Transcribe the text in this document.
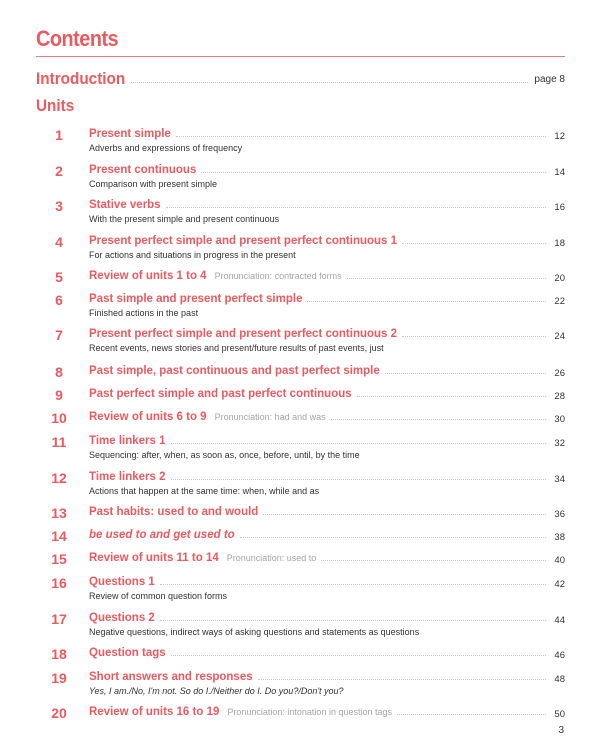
Contents
Introduction	page 8
Units
1	Present simple	12
Adverbs and expressions of frequency
2	Present continuous	14
Comparison with present simple
3	Stative verbs	16
With the present simple and present continuous
4	Present perfect simple and present perfect continuous 1	18
For actions and situations in progress in the present
5	Review of units 1 to 4 Pronunciation: contracted forms	20
6	Past simple and present perfect simple	22
Finished actions in the past
7	Present perfect simple and present perfect continuous 2	24
Recent events, news stories and present/future results of past events, just
8	Past simple, past continuous and past perfect simple	26
9	Past perfect simple and past perfect continuous	28
10 Review of units 6 to 9 Pronunciation: had and was	30
11	Time linkers 1	32
Sequencing: after, when, as soon as, once, before, until, by the time
12 Time linkers 2	34
Actions that happen at the same time: when, while and as
13 Past habits: used to and would	36
14 be used to and get used to	38
15 Review of units 11 to 14 Pronunciation: used to	40
16 Questions 1	42
Review of common question forms
17 Questions 2	44
Negative questions, indirect ways of asking questions and statements as questions
18 Question tags	46
19 Short answers and responses	48
Yes, I am./No, I'm not. So do I./Neither do I. Do you?/Don't you?
20 Review of units 16 to 19 Pronunciation: intonation in question tags	50
3
